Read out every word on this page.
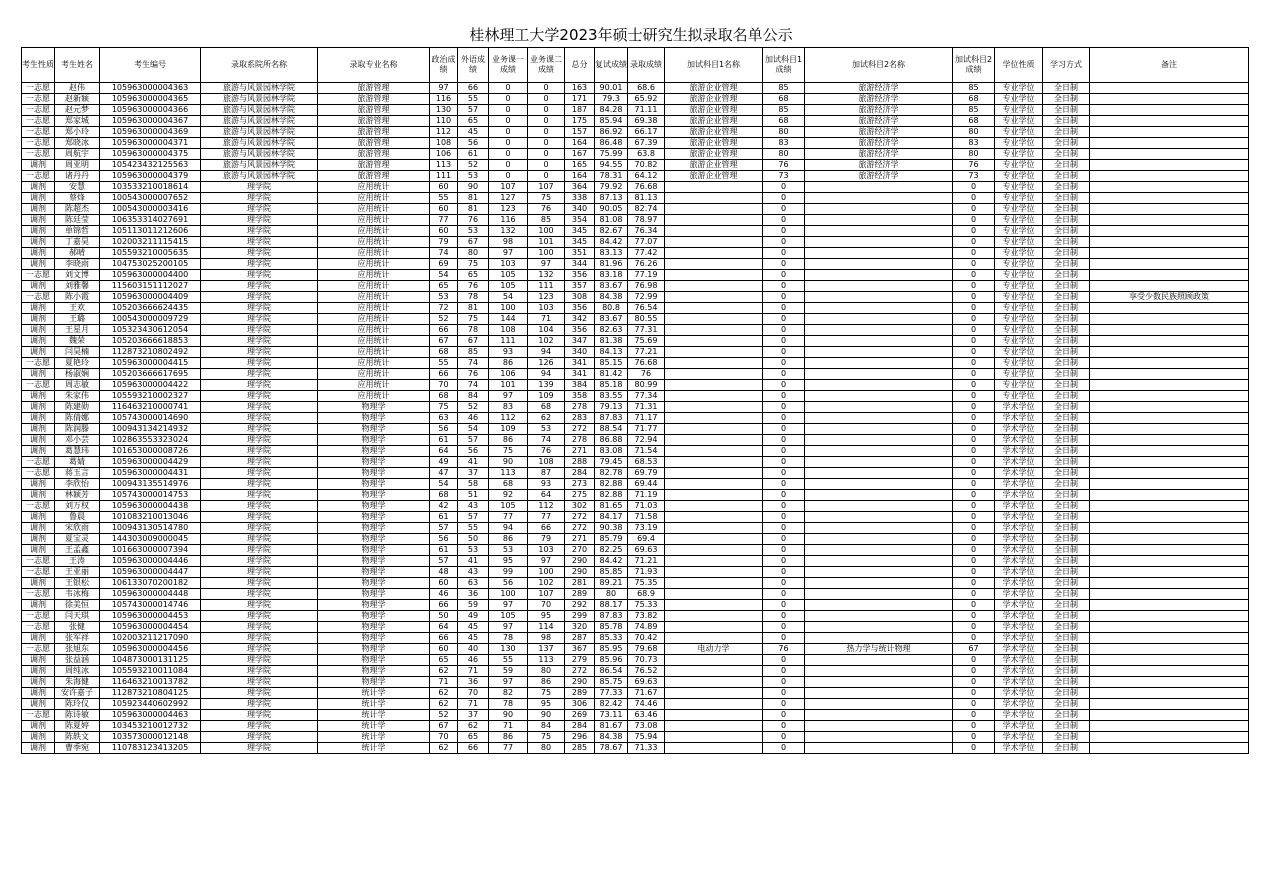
桂林理工大学2023年硕士研究生拟录取名单公示
考生性质	考生姓名	考生编号	录取系院所名称	录取专业名称	政治成绩	外语成绩	业务课一成绩	业务课二成绩	总分	复试成绩	录取成绩	加试科目1名称	加试科目1成绩	加试科目2名称	加试科目2成绩	学位性质	学习方式	备注
一志愿	赵伟	105963000004363	旅游与风景园林学院	旅游管理	97	66	0	0	163	90.01	68.6	旅游企业管理	85	旅游经济学	85	专业学位	全日制	
一志愿	赵新颖	105963000004365	旅游与风景园林学院	旅游管理	116	55	0	0	171	79.3	65.92	旅游企业管理	68	旅游经济学	68	专业学位	全日制	
一志愿	赵元梦	105963000004366	旅游与风景园林学院	旅游管理	130	57	0	0	187	84.28	71.11	旅游企业管理	85	旅游经济学	85	专业学位	全日制	
一志愿	郑家城	105963000004367	旅游与风景园林学院	旅游管理	110	65	0	0	175	85.94	69.38	旅游企业管理	68	旅游经济学	68	专业学位	全日制	
一志愿	郑小玲	105963000004369	旅游与风景园林学院	旅游管理	112	45	0	0	157	86.92	66.17	旅游企业管理	80	旅游经济学	80	专业学位	全日制	
一志愿	郑晓冰	105963000004371	旅游与风景园林学院	旅游管理	108	56	0	0	164	86.48	67.39	旅游企业管理	83	旅游经济学	83	专业学位	全日制	
一志愿	周航宇	105963000004375	旅游与风景园林学院	旅游管理	106	61	0	0	167	75.99	63.8	旅游企业管理	80	旅游经济学	80	专业学位	全日制	
调剂	周亚明	105423432125563	旅游与风景园林学院	旅游管理	113	52	0	0	165	94.55	70.82	旅游企业管理	76	旅游经济学	76	专业学位	全日制	
一志愿	诸丹丹	105963000004379	旅游与风景园林学院	旅游管理	111	53	0	0	164	78.31	64.12	旅游企业管理	73	旅游经济学	73	专业学位	全日制	
调剂	安慧	103533210018614	理学院	应用统计	60	90	107	107	364	79.92	76.68		0		0	专业学位	全日制	
调剂	蔡烽	100543000007652	理学院	应用统计	55	81	127	75	338	87.13	81.13		0		0	专业学位	全日制	
调剂	陈超杰	100543000003416	理学院	应用统计	60	81	123	76	340	90.05	82.74		0		0	专业学位	全日制	
调剂	陈廷莹	106353314027691	理学院	应用统计	77	76	116	85	354	81.08	78.97		0		0	专业学位	全日制	
调剂	单锦哲	105113011212606	理学院	应用统计	60	53	132	100	345	82.67	76.34		0		0	专业学位	全日制	
调剂	丁嘉昊	102003211115415	理学院	应用统计	79	67	98	101	345	84.42	77.07		0		0	专业学位	全日制	
调剂	郝晴	105593210005635	理学院	应用统计	74	80	97	100	351	83.13	77.42		0		0	专业学位	全日制	
调剂	李晓雨	104753025200105	理学院	应用统计	69	75	103	97	344	81.96	76.26		0		0	专业学位	全日制	
一志愿	刘文博	105963000004400	理学院	应用统计	54	65	105	132	356	83.18	77.19		0		0	专业学位	全日制	
调剂	刘雅馨	115603151112027	理学院	应用统计	65	76	105	111	357	83.67	76.98		0		0	专业学位	全日制	
一志愿	陈小霞	105963000004409	理学院	应用统计	53	78	54	123	308	84.38	72.99		0		0	专业学位	全日制	享受少数民族照顾政策
调剂	王欢	105203666624435	理学院	应用统计	72	81	100	103	356	80.8	76.54		0		0	专业学位	全日制	
调剂	王璐	100543000009729	理学院	应用统计	52	75	144	71	342	83.67	80.55		0		0	专业学位	全日制	
调剂	王星月	105323430612054	理学院	应用统计	66	78	108	104	356	82.63	77.31		0		0	专业学位	全日制	
调剂	魏荣	105203666618853	理学院	应用统计	67	67	111	102	347	81.38	75.69		0		0	专业学位	全日制	
调剂	闫昊楠	112873210802492	理学院	应用统计	68	85	93	94	340	84.13	77.21		0		0	专业学位	全日制	
一志愿	夏艳玲	105963000004415	理学院	应用统计	55	74	86	126	341	85.15	76.68		0		0	专业学位	全日制	
调剂	杨淑娴	105203666617695	理学院	应用统计	66	76	106	94	341	81.42	76		0		0	专业学位	全日制	
一志愿	周志敏	105963000004422	理学院	应用统计	70	74	101	139	384	85.18	80.99		0		0	专业学位	全日制	
调剂	朱家伟	105593210002327	理学院	应用统计	68	84	97	109	358	83.55	77.34		0		0	专业学位	全日制	
调剂	陈建勋	116463210000741	理学院	物理学	75	52	83	68	278	79.13	71.31		0		0	学术学位	全日制	
调剂	陈倩娜	105743000014690	理学院	物理学	63	46	112	62	283	87.83	71.17		0		0	学术学位	全日制	
调剂	陈润滕	100943134214932	理学院	物理学	56	54	109	53	272	88.54	71.77		0		0	学术学位	全日制	
调剂	邓小芸	102863553323024	理学院	物理学	61	57	86	74	278	86.88	72.94		0		0	学术学位	全日制	
调剂	葛慧玮	101653000008726	理学院	物理学	64	56	75	76	271	83.08	71.54		0		0	学术学位	全日制	
一志愿	葛婧	105963000004429	理学院	物理学	49	41	90	108	288	79.45	68.53		0		0	学术学位	全日制	
一志愿	蒋玉言	105963000004431	理学院	物理学	47	37	113	87	284	82.78	69.79		0		0	学术学位	全日制	
调剂	李欣怡	100943135514976	理学院	物理学	54	58	68	93	273	82.88	69.44		0		0	学术学位	全日制	
调剂	林颖芳	105743000014753	理学院	物理学	68	51	92	64	275	82.88	71.19		0		0	学术学位	全日制	
一志愿	刘万权	105963000004438	理学院	物理学	42	43	105	112	302	81.65	71.03		0		0	学术学位	全日制	
调剂	鲁晨	101083210013046	理学院	物理学	61	57	77	77	272	84.17	71.58		0		0	学术学位	全日制	
调剂	宋欣雨	100943130514780	理学院	物理学	57	55	94	66	272	90.38	73.19		0		0	学术学位	全日制	
调剂	夏宝灵	144303009000045	理学院	物理学	56	50	86	79	271	85.79	69.4		0		0	学术学位	全日制	
调剂	王孟鑫	101663000007394	理学院	物理学	61	53	53	103	270	82.25	69.63		0		0	学术学位	全日制	
一志愿	王涛	105963000004446	理学院	物理学	57	41	95	97	290	84.42	71.21		0		0	学术学位	全日制	
一志愿	王亚丽	105963000004447	理学院	物理学	48	43	99	100	290	85.85	71.93		0		0	学术学位	全日制	
调剂	王银松	106133070200182	理学院	物理学	60	63	56	102	281	89.21	75.35		0		0	学术学位	全日制	
一志愿	韦冰梅	105963000004448	理学院	物理学	46	36	100	107	289	80	68.9		0		0	学术学位	全日制	
调剂	徐美恒	105743000014746	理学院	物理学	66	59	97	70	292	88.17	75.33		0		0	学术学位	全日制	
一志愿	闫天琪	105963000004453	理学院	物理学	50	49	105	95	299	87.83	73.82		0		0	学术学位	全日制	
一志愿	张健	105963000004454	理学院	物理学	64	45	97	114	320	85.78	74.89		0		0	学术学位	全日制	
调剂	张军祥	102003211217090	理学院	物理学	66	45	78	98	287	85.33	70.42		0		0	学术学位	全日制	
一志愿	张旭东	105963000004456	理学院	物理学	60	40	130	137	367	85.95	79.68	电动力学	76	热力学与统计物理	67	学术学位	全日制	
调剂	张益涵	104873000131125	理学院	物理学	65	46	55	113	279	85.96	70.73		0		0	学术学位	全日制	
调剂	周纯冰	105593210011084	理学院	物理学	62	71	59	80	272	86.54	76.52		0		0	学术学位	全日制	
调剂	朱海健	116463210013782	理学院	物理学	71	36	97	86	290	85.75	69.63		0		0	学术学位	全日制	
调剂	安许嘉子	112873210804125	理学院	统计学	62	70	82	75	289	77.33	71.67		0		0	学术学位	全日制	
调剂	陈玲仪	105923440602992	理学院	统计学	62	71	78	95	306	82.42	74.46		0		0	学术学位	全日制	
一志愿	陈诗敏	105963000004463	理学院	统计学	52	37	90	90	269	73.11	63.46		0		0	学术学位	全日制	
调剂	陈夏婷	103453210012732	理学院	统计学	67	62	71	84	284	81.67	73.08		0		0	学术学位	全日制	
调剂	陈轶文	103573000012148	理学院	统计学	70	65	86	75	296	84.38	75.94		0		0	学术学位	全日制	
调剂	曹季宛	110783123413205	理学院	统计学	62	66	77	80	285	78.67	71.33		0		0	学术学位	全日制	
